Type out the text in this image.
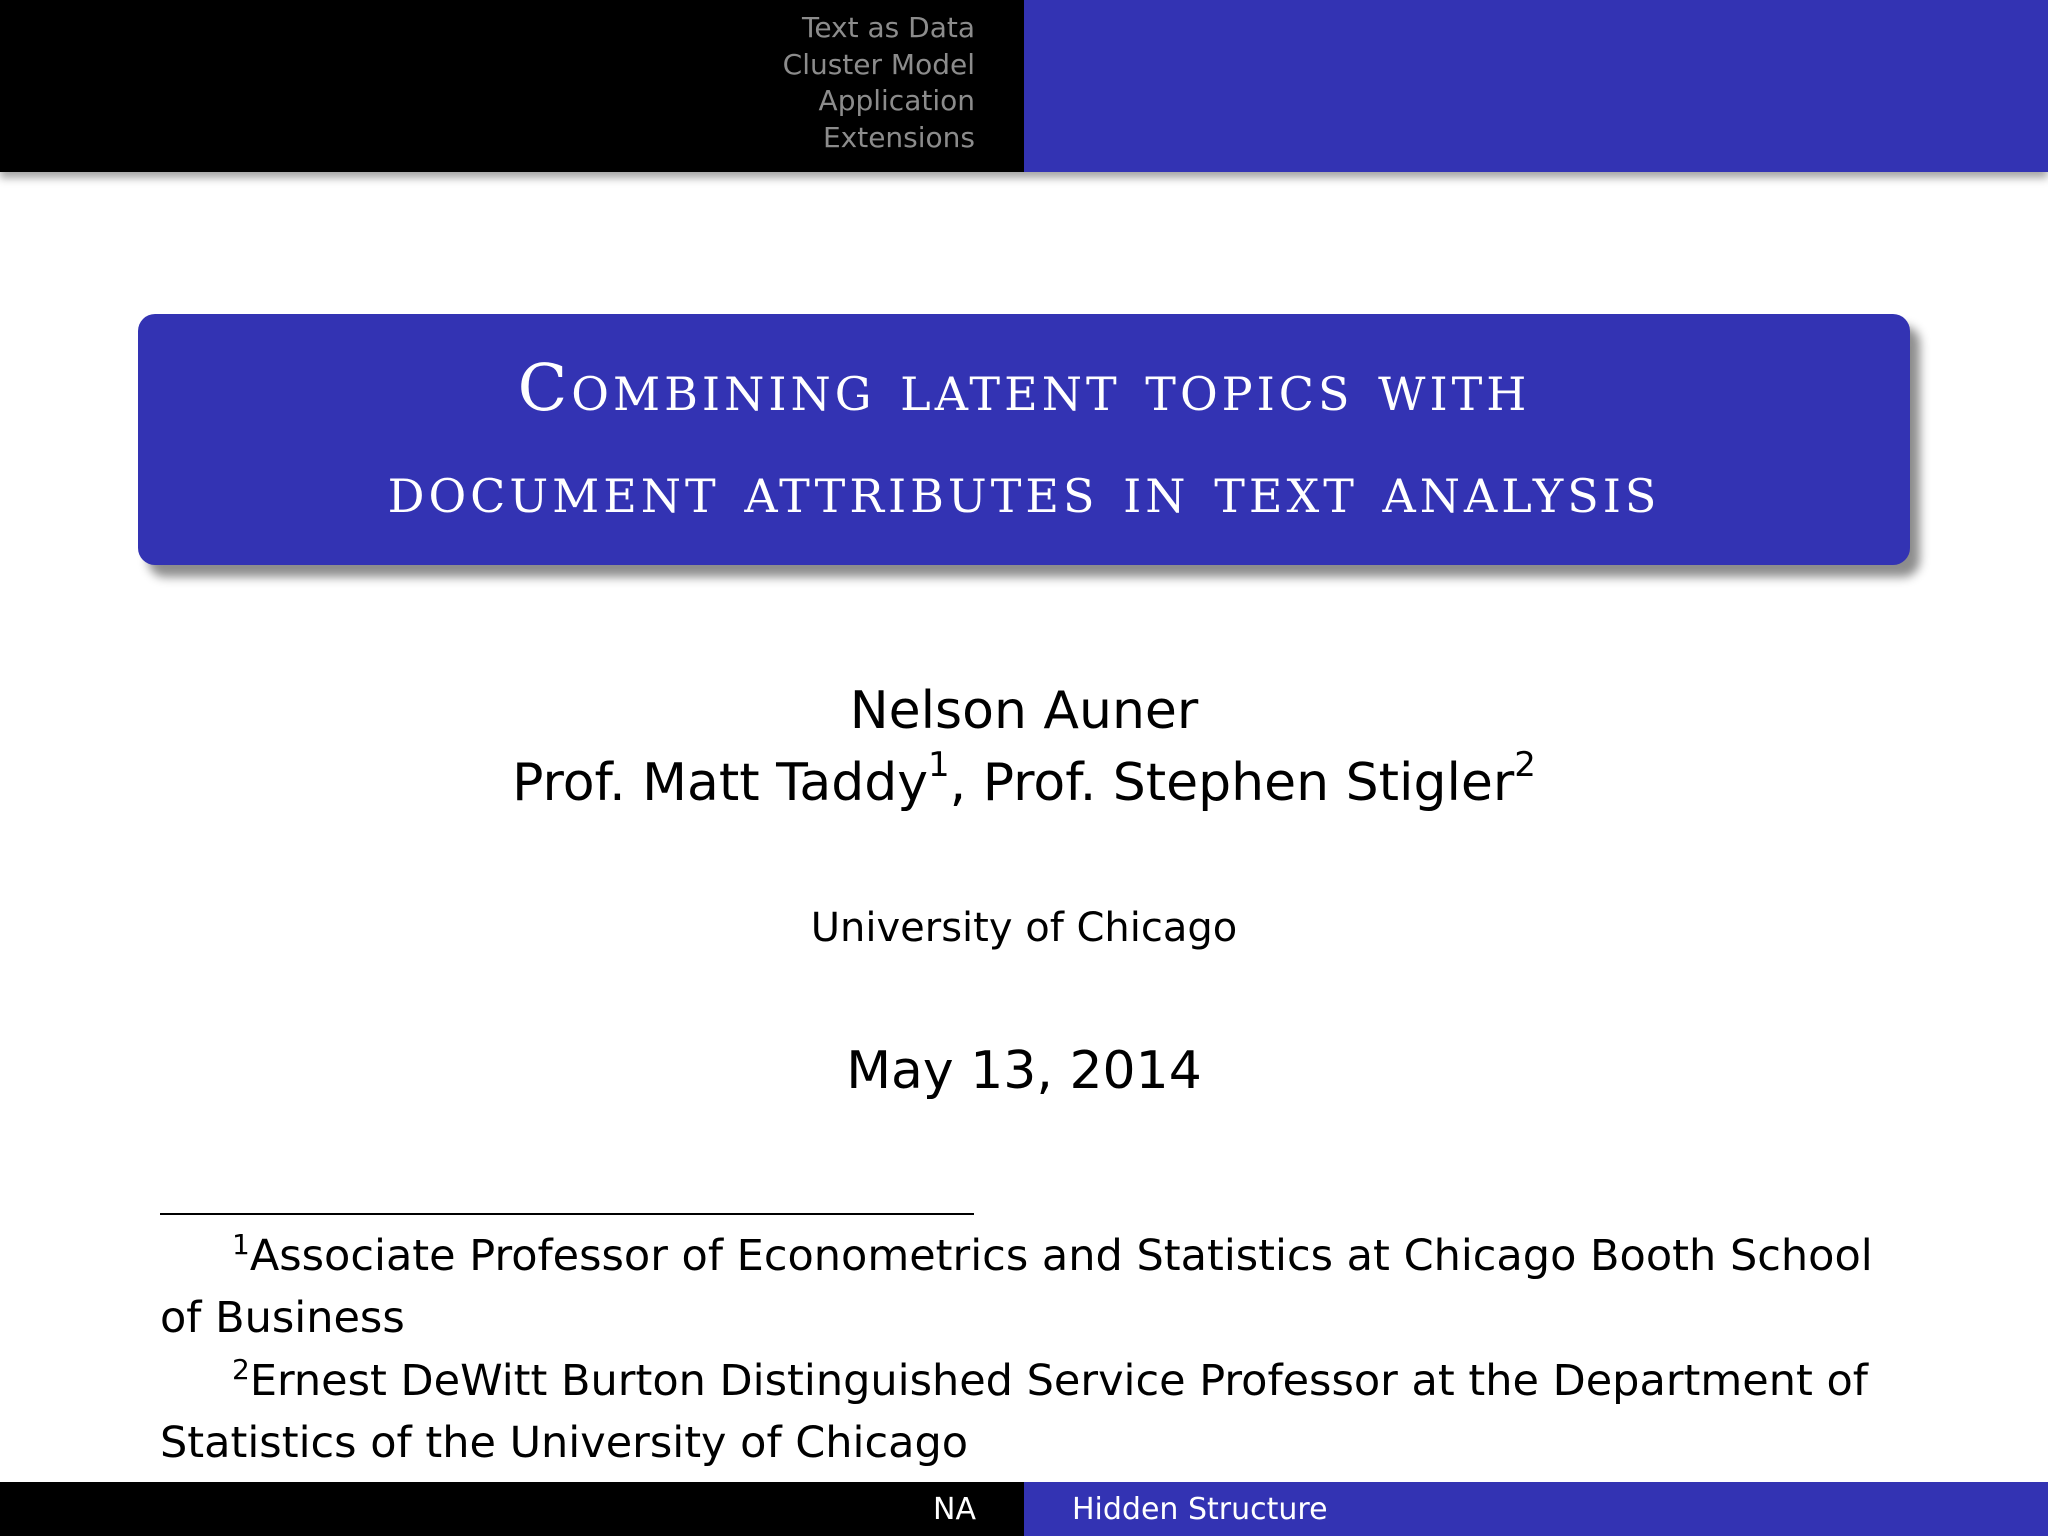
Text as Data
Cluster Model
Application
Extensions
Combining latent topics with
document attributes in text analysis
Nelson Auner
Prof. Matt Taddy$^1$, Prof. Stephen Stigler$^2$
University of Chicago
May 13, 2014
$^1$Associate Professor of Econometrics and Statistics at Chicago Booth School of Business
$^2$Ernest DeWitt Burton Distinguished Service Professor at the Department of Statistics of the University of Chicago
NA	Hidden Structure
